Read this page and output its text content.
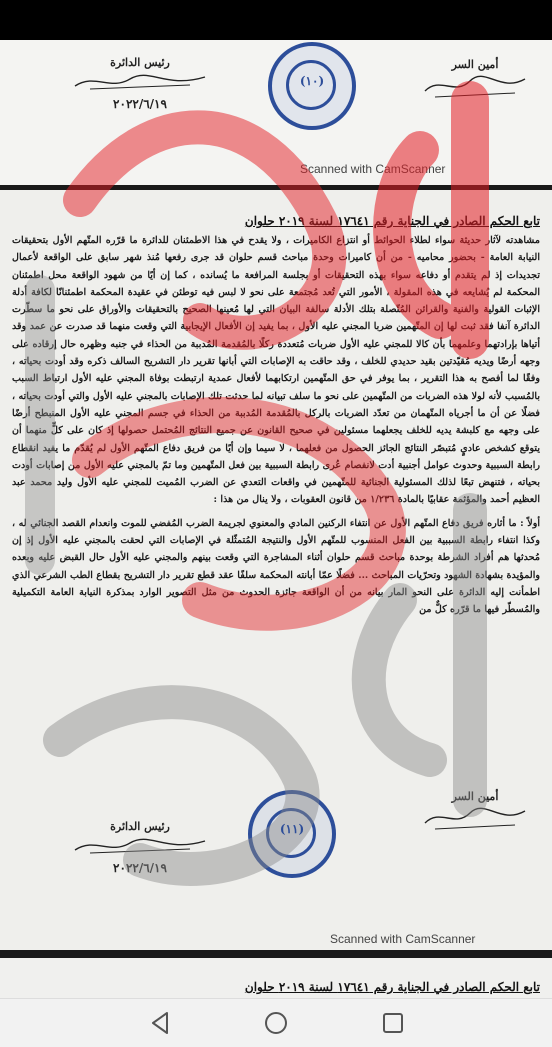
رئيس الدائرة
٢٠٢٢/٦/١٩
(١٠)
أمين السر
Scanned with CamScanner
تابع الحكم الصادر في الجناية رقم ١٧٦٤١ لسنة ٢٠١٩ حلوان

مشاهدته لآثار حديثة سواء لطلاء الحوائط أو انتزاع الكاميرات ، ولا يقدح في هذا الاطمئنان للدائرة ما قرّره المتّهم الأول بتحقيقات النيابة العامة - بحضور محاميه - من أن كاميرات وحدة مباحث قسم حلوان قد جرى رفعها مُنذ شهر سابق على الواقعة لأعمال تجديدات إذ لم يتقدم أو دفاعه سواء بهذه التحقيقات أو بجلسة المرافعة ما يُسانده ، كما إن أيًا من شهود الواقعة محل اطمئنان المحكمة لم يُشايعه في هذه المقولة ، الأمور التي تُعد مُجتمعة على نحو لا لبس فيه توطئن في عقيدة المحكمة اطمئنانًا لكافة أدلة الإثبات القولية والفنية والقرائن المُتّصلة بتلك الأدلة سالفة البيان التي لها مُعينها الصحيح بالتحقيقات والأوراق على نحو ما سطّرت الدائرة آنفا فقد ثبت لها إن المتّهمين ضربا المجني عليه الأول ، بما يفيد إن الأفعال الإيجابية التي وقعت منهما قد صدرت عن عمد وقد أتياها بإرادتهما وعلمهما بأن كالا للمجني عليه الأول ضربات مُتعددة ركلًا بالمُقدمة المُدببة من الحذاء في جنبه وظهره حال إرقاده على وجهه أرضًا ويديه مُقيّدتين بقيد حديدي للخلف ، وقد حاقت به الإصابات التي أبانها تقرير دار التشريح السالف ذكره وقد أودت بحياته ، وفقًا لما أفصح به هذا التقرير ، بما يوفر في حق المتّهمين ارتكابهما لأفعال عمدية ارتبطت بوفاة المجني عليه الأول ارتباط السبب بالمُسبب لأنه لولا هذه الضربات من المتّهمين على نحو ما سلف تبيانه لما حدثت تلك الإصابات بالمجني عليه الأول والتي أودت بحياته ، فضلًا عن أن ما أجرياه المتّهمان من تعدّد الضربات بالركل بالمُقدمة المُدببة من الحذاء في جسم المجني عليه الأول المنبطح أرضًا على وجهه مع كلبشة يديه للخلف يجعلهما مسئولين في صحيح القانون عن جميع النتائج المُحتمل حصولها إذ كان على كلٍّ منهما أن يتوقع كشخص عاديٍ مُتبصّر النتائج الجائز الحصول من فعلهما ، لا سيما وإن أيًا من فريق دفاع المتّهم الأول لم يُقدّم ما يفيد انقطاع رابطة السببية وحدوث عوامل أجنبية أدت لانفصام عُرى رابطة السببية بين فعل المتّهمين وما تمّ بالمجني عليه الأول من إصابات أودت بحياته ، فتنهض تبعًا لذلك المسئولية الجنائية للمتّهمين في واقعات التعدي عن الضرب المُميت للمجني عليه الأول وليد محمد عبد العظيم أحمد والمؤثمة عقابيًا بالمادة ١/٢٣٦ من قانون العقوبات ، ولا ينال من هذا :

أولاً : ما أثاره فريق دفاع المتّهم الأول عن انتفاء الركنين المادي والمعنوي لجريمة الضرب المُفضي للموت وانعدام القصد الجنائي له ، وكذا انتفاء رابطة السببية بين الفعل المنسوب للمتّهم الأول والنتيجة المُتمثّلة في الإصابات التي لحقت بالمجني عليه الأول إذ إن مُحدثها هم أفراد الشرطة بوحدة مباحث قسم حلوان أثناء المشاجرة التي وقعت بينهم والمجني عليه الأول حال القبض عليه وبعده والمؤيدة بشهادة الشهود وتحرّيات المباحث ... فضلًا عمّا أبانته المحكمة سلفًا عقد قطع تقرير دار التشريح بقطاع الطب الشرعي الذي اطمأنت إليه الدائرة على النحو المار بيانه من أن الواقعة جائزة الحدوث من مثل التصوير الوارد بمذكرة النيابة العامة التكميلية والمُسطّر فيها ما قرّره كلٌّ من

أمين السر
(١١)
رئيس الدائرة
٢٠٢٢/٦/١٩
Scanned with CamScanner
تابع الحكم الصادر في الجناية رقم ١٧٦٤١ لسنة ٢٠١٩ حلوان
